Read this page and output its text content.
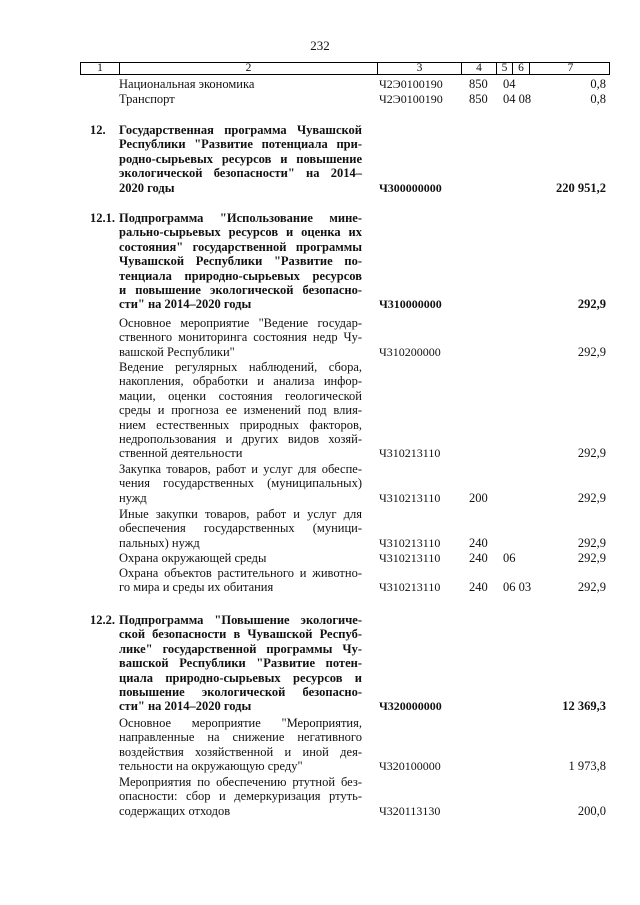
232
1	2	3	4	5 6	7
Национальная экономика	Ч2Э0100190 850 04	0,8
Транспорт	Ч2Э0100190 850 04 08	0,8
12. Государственная программа Чувашской
Республики "Развитие потенциала при-
родно-сырьевых ресурсов и повышение
экологической безопасности" на 2014–
2020 годы	Ч300000000	220 951,2
12.1. Подпрограмма "Использование мине-
рально-сырьевых ресурсов и оценка их
состояния" государственной программы
Чувашской Республики "Развитие по-
тенциала природно-сырьевых ресурсов
и повышение экологической безопасно-
сти" на 2014–2020 годы	Ч310000000	292,9
Основное мероприятие "Ведение государ-
ственного мониторинга состояния недр Чу-
вашской Республики"	Ч310200000	292,9
Ведение регулярных наблюдений, сбора,
накопления, обработки и анализа инфор-
мации, оценки состояния геологической
среды и прогноза ее изменений под влия-
нием естественных природных факторов,
недропользования и других видов хозяй-
ственной деятельности	Ч310213110	292,9
Закупка товаров, работ и услуг для обеспе-
чения государственных (муниципальных)
нужд	Ч310213110 200	292,9
Иные закупки товаров, работ и услуг для
обеспечения государственных (муници-
пальных) нужд	Ч310213110 240	292,9
Охрана окружающей среды	Ч310213110 240 06	292,9
Охрана объектов растительного и животно-
го мира и среды их обитания	Ч310213110 240 06 03	292,9
12.2. Подпрограмма "Повышение экологиче-
ской безопасности в Чувашской Респуб-
лике" государственной программы Чу-
вашской Республики "Развитие потен-
циала природно-сырьевых ресурсов и
повышение экологической безопасно-
сти" на 2014–2020 годы	Ч320000000	12 369,3
Основное мероприятие "Мероприятия,
направленные на снижение негативного
воздействия хозяйственной и иной дея-
тельности на окружающую среду"	Ч320100000	1 973,8
Мероприятия по обеспечению ртутной без-
опасности: сбор и демеркуризация ртуть-
содержащих отходов	Ч320113130	200,0
